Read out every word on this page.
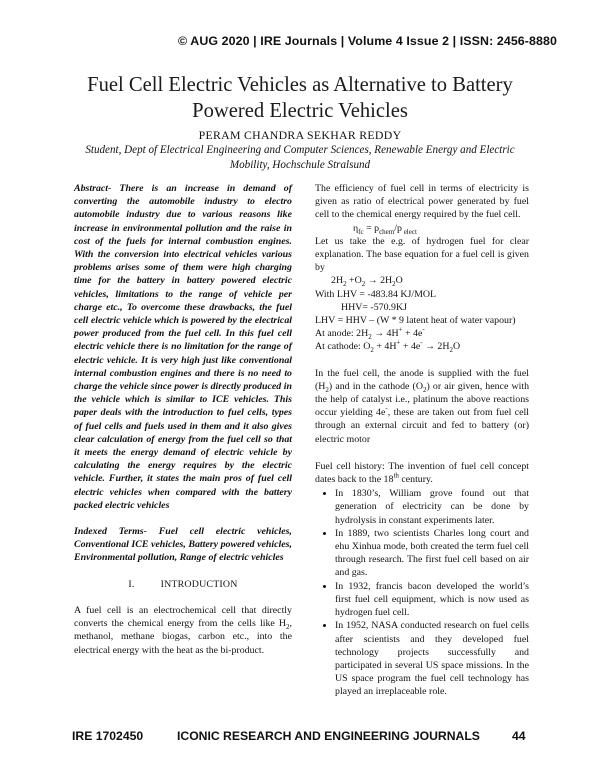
© AUG 2020 | IRE Journals | Volume 4 Issue 2 | ISSN: 2456-8880
Fuel Cell Electric Vehicles as Alternative to Battery
Powered Electric Vehicles
PERAM CHANDRA SEKHAR REDDY
Student, Dept of Electrical Engineering and Computer Sciences, Renewable Energy and Electric
Mobility, Hochschule Stralsund

Abstract- There is an increase in demand of converting the automobile industry to electro automobile industry due to various reasons like increase in environmental pollution and the raise in cost of the fuels for internal combustion engines. With the conversion into electrical vehicles various problems arises some of them were high charging time for the battery in battery powered electric vehicles, limitations to the range of vehicle per charge etc., To overcome these drawbacks, the fuel cell electric vehicle which is powered by the electrical power produced from the fuel cell. In this fuel cell electric vehicle there is no limitation for the range of electric vehicle. It is very high just like conventional internal combustion engines and there is no need to charge the vehicle since power is directly produced in the vehicle which is similar to ICE vehicles. This paper deals with the introduction to fuel cells, types of fuel cells and fuels used in them and it also gives clear calculation of energy from the fuel cell so that it meets the energy demand of electric vehicle by calculating the energy requires by the electric vehicle. Further, it states the main pros of fuel cell electric vehicles when compared with the battery packed electric vehicles

Indexed Terms- Fuel cell electric vehicles, Conventional ICE vehicles, Battery powered vehicles, Environmental pollution, Range of electric vehicles

I.	INTRODUCTION

A fuel cell is an electrochemical cell that directly converts the chemical energy from the cells like $H_2$, methanol, methane biogas, carbon etc., into the electrical energy with the heat as the bi-product.

The efficiency of fuel cell in terms of electricity is given as ratio of electrical power generated by fuel cell to the chemical energy required by the fuel cell.

$\eta_{fc} = p_{chem}/p$ $_{elect}$

Let us take the e.g. of hydrogen fuel for clear explanation. The base equation for a fuel cell is given by

$2H_2 +O_2 \to 2H_2O$

With LHV = -483.84 KJ/MOL

HHV= -570.9KJ

LHV = HHV – (W * 9 latent heat of water vapour)

At anode: $2H_2 \to 4H^+ + 4e^-$

At cathode: $O_2 + 4H^+ + 4e^- \to 2H_2O$

In the fuel cell, the anode is supplied with the fuel $(H_2)$ and in the cathode $(O_2)$ or air given, hence with the help of catalyst i.e., platinum the above reactions occur yielding 4e-, these are taken out from fuel cell through an external circuit and fed to battery (or) electric motor

Fuel cell history: The invention of fuel cell concept dates back to the 18th century.

• In 1830’s, William grove found out that generation of electricity can be done by hydrolysis in constant experiments later.
• In 1889, two scientists Charles long court and ehu Xinhua mode, both created the term fuel cell through research. The first fuel cell based on air and gas.
• In 1932, francis bacon developed the world’s first fuel cell equipment, which is now used as hydrogen fuel cell.
• In 1952, NASA conducted research on fuel cells after scientists and they developed fuel technology projects successfully and participated in several US space missions. In the US space program the fuel cell technology has played an irreplaceable role.
IRE 1702450	ICONIC RESEARCH AND ENGINEERING JOURNALS	44
